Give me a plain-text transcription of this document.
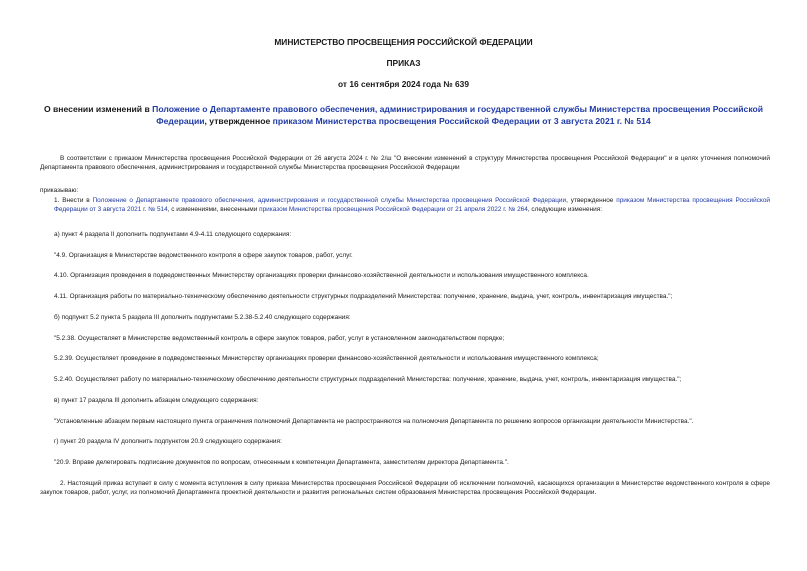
МИНИСТЕРСТВО ПРОСВЕЩЕНИЯ РОССИЙСКОЙ ФЕДЕРАЦИИ
ПРИКАЗ
от 16 сентября 2024 года № 639
О внесении изменений в Положение о Департаменте правового обеспечения, администрирования и государственной службы Министерства просвещения Российской Федерации, утвержденное приказом Министерства просвещения Российской Федерации от 3 августа 2021 г. № 514

В соответствии с приказом Министерства просвещения Российской Федерации от 26 августа 2024 г. № 2/ш "О внесении изменений в структуру Министерства просвещения Российской Федерации" и в целях уточнения полномочий Департамента правового обеспечения, администрирования и государственной службы Министерства просвещения Российской Федерации

приказываю:

1. Внести в Положение о Департаменте правового обеспечения, администрирования и государственной службы Министерства просвещения Российской Федерации, утвержденное приказом Министерства просвещения Российской Федерации от 3 августа 2021 г. № 514, с изменениями, внесенными приказом Министерства просвещения Российской Федерации от 21 апреля 2022 г. № 264, следующие изменения:

а) пункт 4 раздела II дополнить подпунктами 4.9-4.11 следующего содержания:

"4.9. Организация в Министерстве ведомственного контроля в сфере закупок товаров, работ, услуг.

4.10. Организация проведения в подведомственных Министерству организациях проверки финансово-хозяйственной деятельности и использования имущественного комплекса.

4.11. Организация работы по материально-техническому обеспечению деятельности структурных подразделений Министерства: получение, хранение, выдача, учет, контроль, инвентаризация имущества.";

б) подпункт 5.2 пункта 5 раздела III дополнить подпунктами 5.2.38-5.2.40 следующего содержания:

"5.2.38. Осуществляет в Министерстве ведомственный контроль в сфере закупок товаров, работ, услуг в установленном законодательством порядке;

5.2.39. Осуществляет проведение в подведомственных Министерству организациях проверки финансово-хозяйственной деятельности и использования имущественного комплекса;

5.2.40. Осуществляет работу по материально-техническому обеспечению деятельности структурных подразделений Министерства: получение, хранение, выдача, учет, контроль, инвентаризация имущества.";

в) пункт 17 раздела III дополнить абзацем следующего содержания:

"Установленные абзацем первым настоящего пункта ограничения полномочий Департамента не распространяются на полномочия Департамента по решению вопросов организации деятельности Министерства.".

г) пункт 20 раздела IV дополнить подпунктом 20.9 следующего содержания:

"20.9. Вправе делегировать подписание документов по вопросам, отнесенным к компетенции Департамента, заместителям директора Департамента.".

2. Настоящий приказ вступает в силу с момента вступления в силу приказа Министерства просвещения Российской Федерации об исключении полномочий, касающихся организации в Министерстве ведомственного контроля в сфере закупок товаров, работ, услуг, из полномочий Департамента проектной деятельности и развития региональных систем образования Министерства просвещения Российской Федерации.
